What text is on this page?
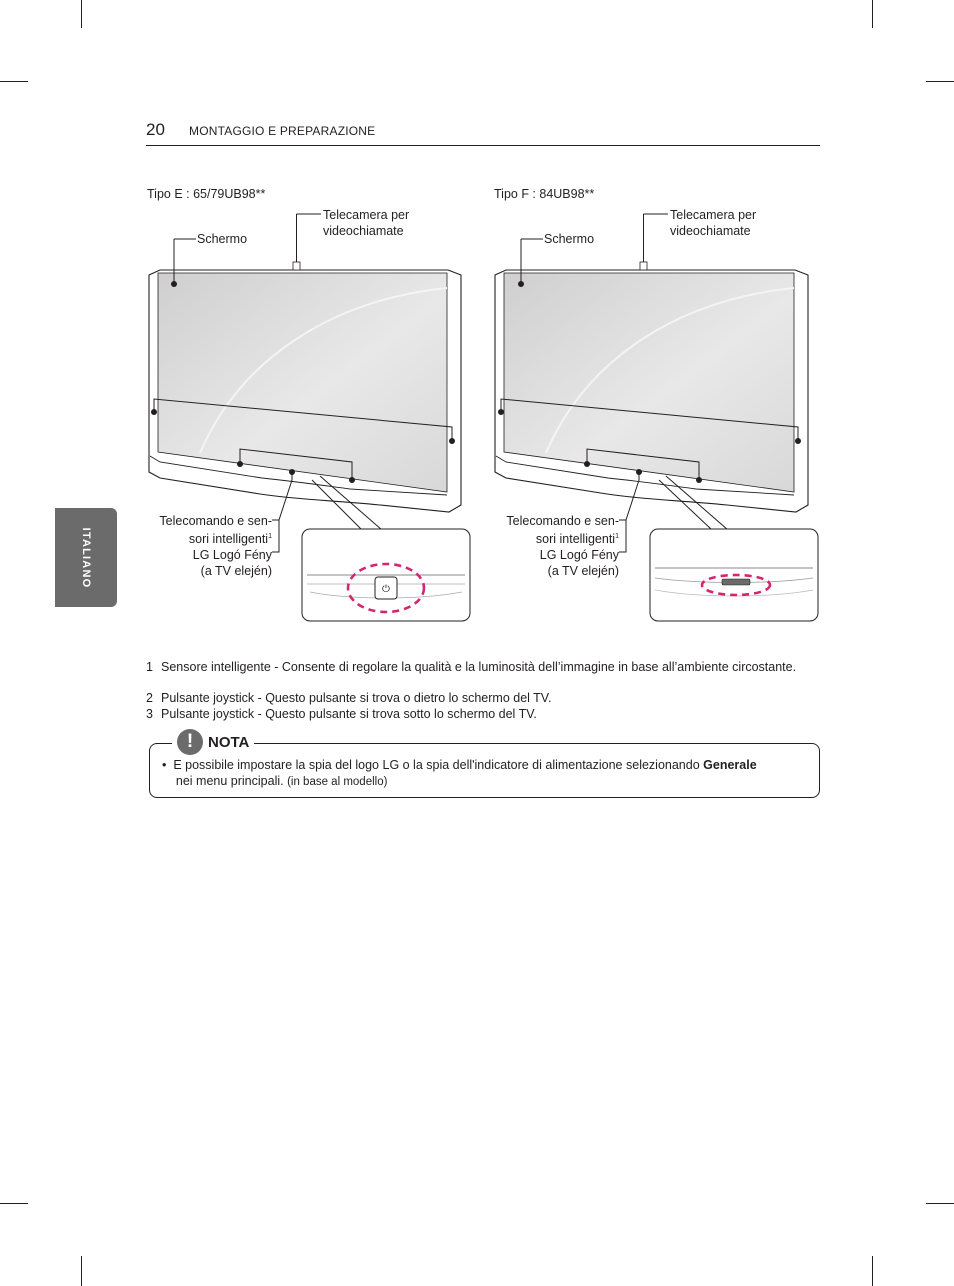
20 MONTAGGIO E PREPARAZIONE
ITALIANO
Tipo E : 65/79UB98**
Schermo
Telecamera per
videochiamate
Telecomando e sen-
sori intelligenti$^1$
LG Logó Fény
(a TV elején)
⏻
Tipo F : 84UB98**
Schermo
Telecamera per
videochiamate
Telecomando e sen-
sori intelligenti$^1$
LG Logó Fény
(a TV elején)
1 Sensore intelligente - Consente di regolare la qualità e la luminosità dell’immagine in base all’ambiente circostante.
2 Pulsante joystick - Questo pulsante si trova o dietro lo schermo del TV.
3 Pulsante joystick - Questo pulsante si trova sotto lo schermo del TV.
! NOTA
• E possibile impostare la spia del logo LG o la spia dell'indicatore di alimentazione selezionando Generale
nei menu principali. (in base al modello)
